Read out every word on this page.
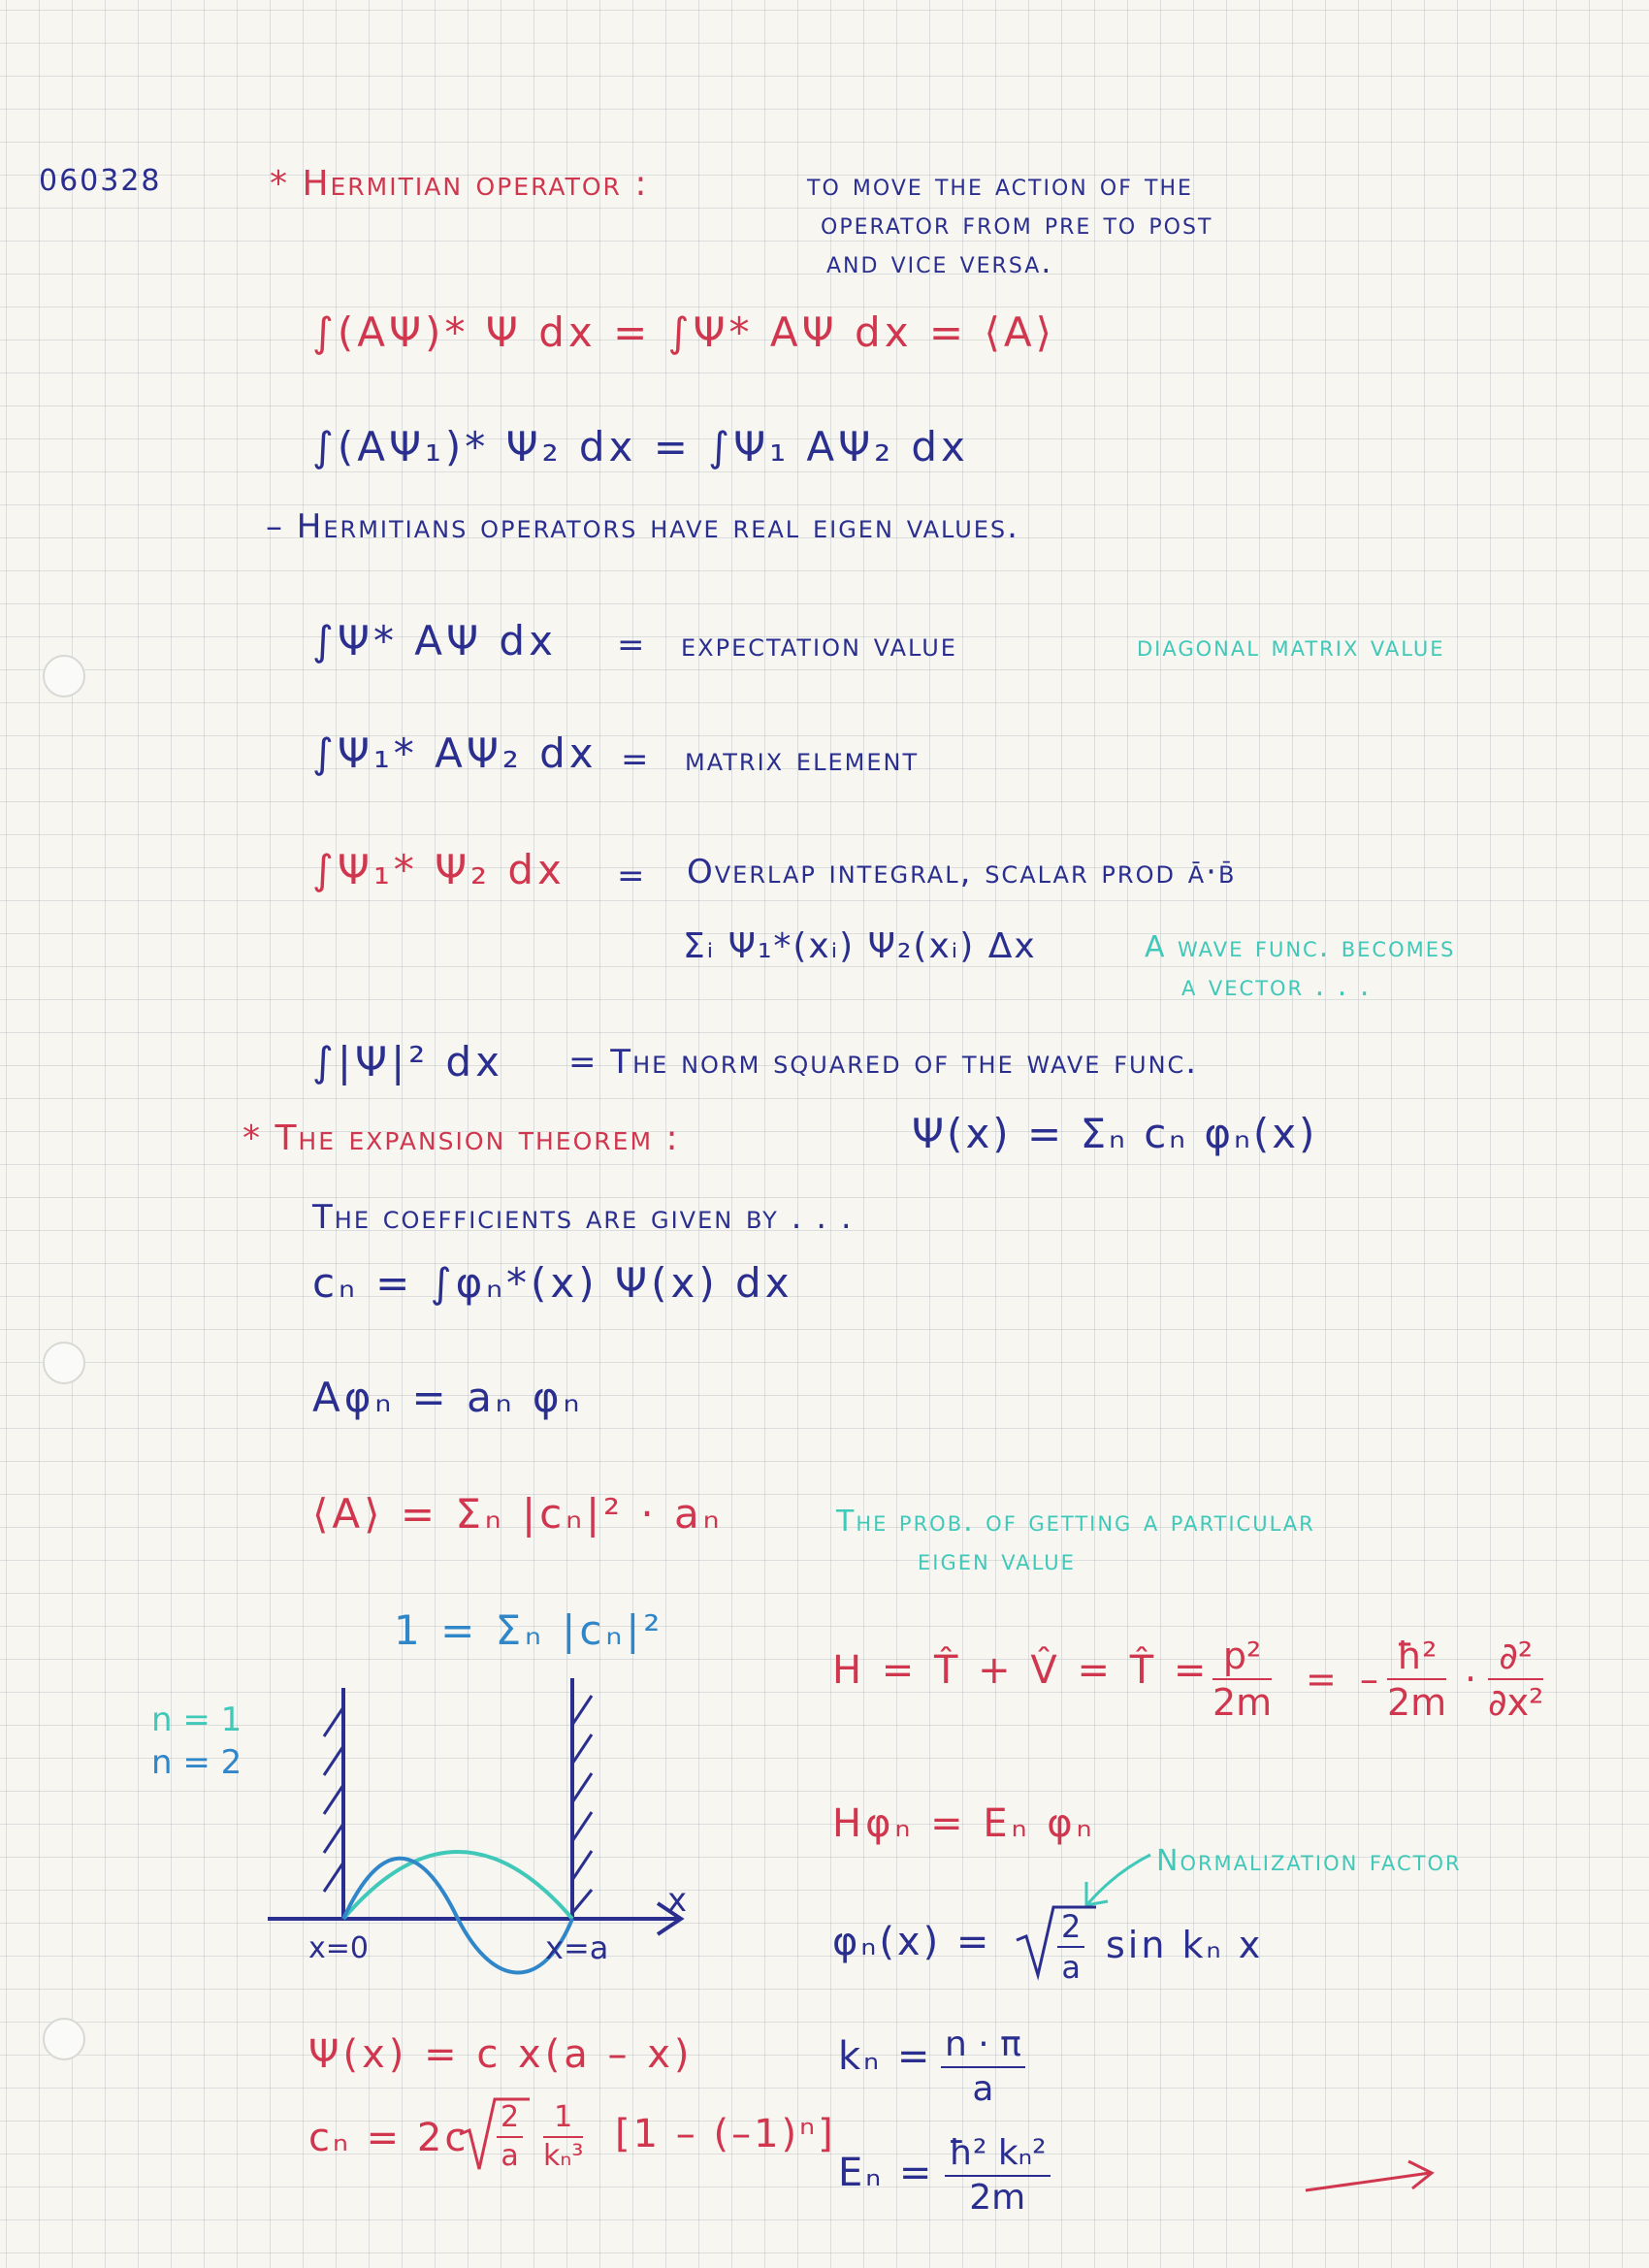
060328	* Hermitian operator :	to move the action of the
operator from pre to post
and vice versa.
∫(AΨ)* Ψ dx = ∫Ψ* AΨ dx = ⟨A⟩
∫(AΨ₁)* Ψ₂ dx = ∫Ψ₁ AΨ₂ dx
– Hermitians operators have real eigen values.
∫Ψ* AΨ dx = expectation value	diagonal matrix value
∫Ψ₁* AΨ₂ dx = matrix element
∫Ψ₁* Ψ₂ dx = Overlap integral, scalar prod ā·b̄
Σᵢ Ψ₁*(xᵢ) Ψ₂(xᵢ) Δx	A wave func. becomes
a vector . . .
∫|Ψ|² dx = The norm squared of the wave func.
* The expansion theorem :	Ψ(x) = Σₙ cₙ φₙ(x)
The coefficients are given by . . .
cₙ = ∫φₙ*(x) Ψ(x) dx
Aφₙ = aₙ φₙ
⟨A⟩ = Σₙ |cₙ|² · aₙ	The prob. of getting a particular
eigen value
1 = Σₙ |cₙ|²
n = 1
n = 2
x
x=0	x=a
H = T̂ + V̂ = T̂ = $\frac{\text{p²}}{2m}$ = – $\frac{\text{ħ²}}{2m}$ ·
∂²
∂x²
Hφₙ = Eₙ φₙ
Normalization factor
$\varphi_n(x) = \frac{2}{a}$ sin kₙ x
$k_n = \frac{n \cdot \pi}{a}$
$E_n = \frac{\text{ħ² kₙ²}}{2m}$
Ψ(x) = c x(a – x)
$c_n = 2c \frac{2}{a} \frac{1}{\text{kₙ³}} [1 - (-1)^n]$
